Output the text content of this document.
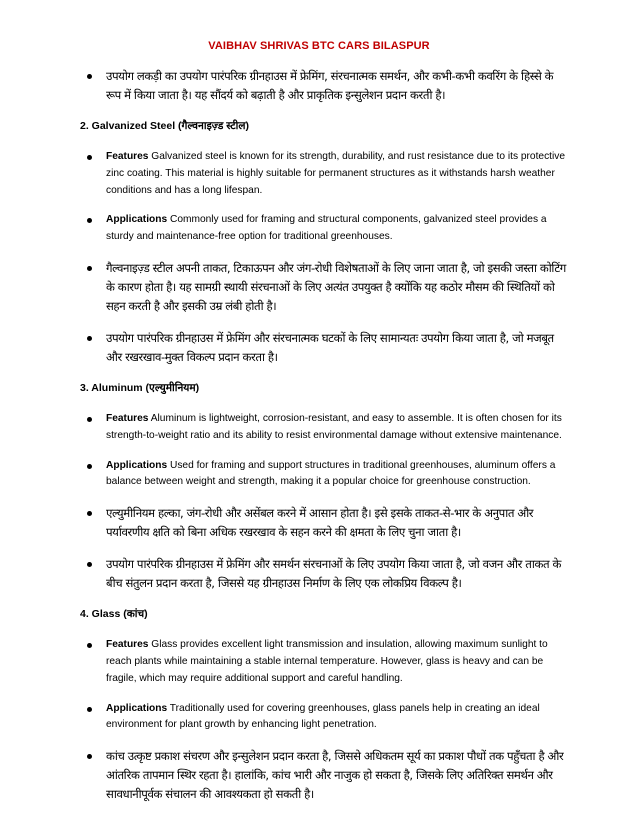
VAIBHAV SHRIVAS BTC CARS BILASPUR
उपयोग लकड़ी का उपयोग पारंपरिक ग्रीनहाउस में फ्रेमिंग, संरचनात्मक समर्थन, और कभी-कभी कवरिंग के हिस्से के रूप में किया जाता है। यह सौंदर्य को बढ़ाती है और प्राकृतिक इन्सुलेशन प्रदान करती है।
2. Galvanized Steel (गैल्वनाइज़्ड स्टील)
Features Galvanized steel is known for its strength, durability, and rust resistance due to its protective zinc coating. This material is highly suitable for permanent structures as it withstands harsh weather conditions and has a long lifespan.
Applications Commonly used for framing and structural components, galvanized steel provides a sturdy and maintenance-free option for traditional greenhouses.
गैल्वनाइज़्ड स्टील अपनी ताकत, टिकाऊपन और जंग-रोधी विशेषताओं के लिए जाना जाता है, जो इसकी जस्ता कोटिंग के कारण होता है। यह सामग्री स्थायी संरचनाओं के लिए अत्यंत उपयुक्त है क्योंकि यह कठोर मौसम की स्थितियों को सहन करती है और इसकी उम्र लंबी होती है।
उपयोग पारंपरिक ग्रीनहाउस में फ्रेमिंग और संरचनात्मक घटकों के लिए सामान्यतः उपयोग किया जाता है, जो मजबूत और रखरखाव-मुक्त विकल्प प्रदान करता है।
3. Aluminum (एल्युमीनियम)
Features Aluminum is lightweight, corrosion-resistant, and easy to assemble. It is often chosen for its strength-to-weight ratio and its ability to resist environmental damage without extensive maintenance.
Applications Used for framing and support structures in traditional greenhouses, aluminum offers a balance between weight and strength, making it a popular choice for greenhouse construction.
एल्युमीनियम हल्का, जंग-रोधी और असेंबल करने में आसान होता है। इसे इसके ताकत-से-भार के अनुपात और पर्यावरणीय क्षति को बिना अधिक रखरखाव के सहन करने की क्षमता के लिए चुना जाता है।
उपयोग पारंपरिक ग्रीनहाउस में फ्रेमिंग और समर्थन संरचनाओं के लिए उपयोग किया जाता है, जो वजन और ताकत के बीच संतुलन प्रदान करता है, जिससे यह ग्रीनहाउस निर्माण के लिए एक लोकप्रिय विकल्प है।
4. Glass (कांच)
Features Glass provides excellent light transmission and insulation, allowing maximum sunlight to reach plants while maintaining a stable internal temperature. However, glass is heavy and can be fragile, which may require additional support and careful handling.
Applications Traditionally used for covering greenhouses, glass panels help in creating an ideal environment for plant growth by enhancing light penetration.
कांच उत्कृष्ट प्रकाश संचरण और इन्सुलेशन प्रदान करता है, जिससे अधिकतम सूर्य का प्रकाश पौधों तक पहुँचता है और आंतरिक तापमान स्थिर रहता है। हालांकि, कांच भारी और नाजुक हो सकता है, जिसके लिए अतिरिक्त समर्थन और सावधानीपूर्वक संचालन की आवश्यकता हो सकती है।
